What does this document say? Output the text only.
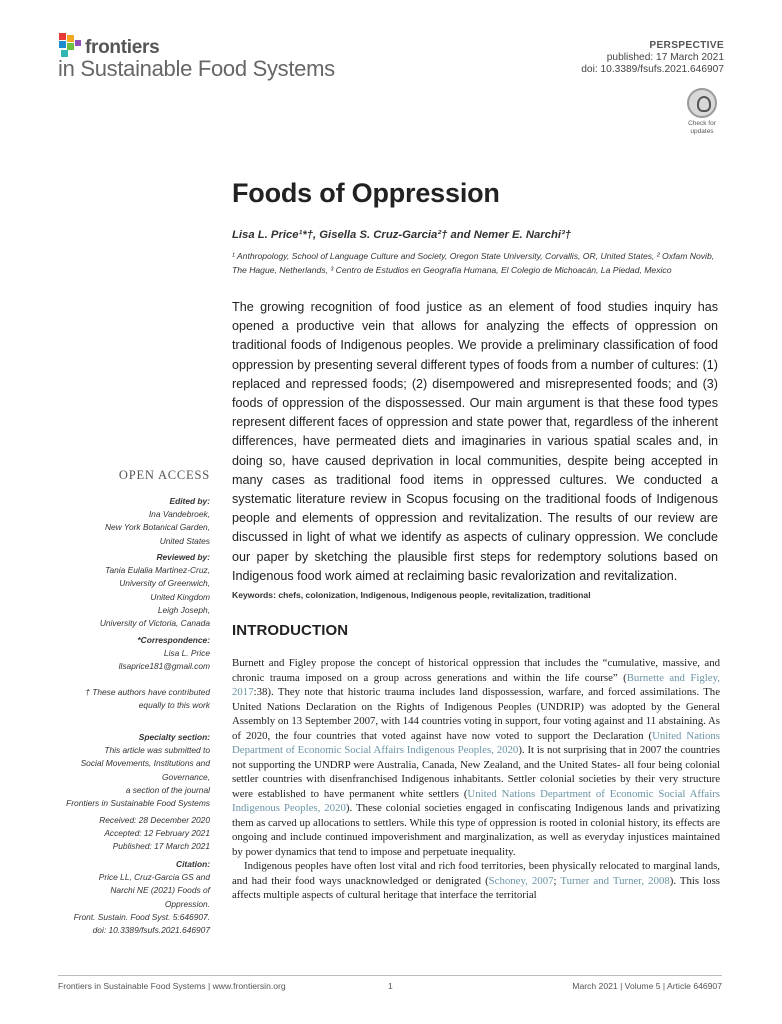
frontiers
in Sustainable Food Systems
PERSPECTIVE
published: 17 March 2021
doi: 10.3389/fsufs.2021.646907
Check for
updates
Foods of Oppression
Lisa L. Price¹*†, Gisella S. Cruz-Garcia²† and Nemer E. Narchi³†
¹ Anthropology, School of Language Culture and Society, Oregon State University, Corvallis, OR, United States, ² Oxfam Novib, The Hague, Netherlands, ³ Centro de Estudios en Geografía Humana, El Colegio de Michoacán, La Piedad, Mexico

The growing recognition of food justice as an element of food studies inquiry has opened a productive vein that allows for analyzing the effects of oppression on traditional foods of Indigenous peoples. We provide a preliminary classification of food oppression by presenting several different types of foods from a number of cultures: (1) replaced and repressed foods; (2) disempowered and misrepresented foods; and (3) foods of oppression of the dispossessed. Our main argument is that these food types represent different faces of oppression and state power that, regardless of the inherent differences, have permeated diets and imaginaries in various spatial scales and, in doing so, have caused deprivation in local communities, despite being accepted in many cases as traditional food items in oppressed cultures. We conducted a systematic literature review in Scopus focusing on the traditional foods of Indigenous people and elements of oppression and revitalization. The results of our review are discussed in light of what we identify as aspects of culinary oppression. We conclude our paper by sketching the plausible first steps for redemptory solutions based on Indigenous food work aimed at reclaiming basic revalorization and revitalization.

Keywords: chefs, colonization, Indigenous, Indigenous people, revitalization, traditional
INTRODUCTION

Burnett and Figley propose the concept of historical oppression that includes the “cumulative, massive, and chronic trauma imposed on a group across generations and within the life course” (Burnette and Figley, 2017:38). They note that historic trauma includes land dispossession, warfare, and forced assimilations. The United Nations Declaration on the Rights of Indigenous Peoples (UNDRIP) was adopted by the General Assembly on 13 September 2007, with 144 countries voting in support, four voting against and 11 abstaining. As of 2020, the four countries that voted against have now voted to support the Declaration (United Nations Department of Economic Social Affairs Indigenous Peoples, 2020). It is not surprising that in 2007 the countries not supporting the UNDRP were Australia, Canada, New Zealand, and the United States- all four being colonial settler countries with disenfranchised Indigenous inhabitants. Settler colonial societies by their very structure were established to have permanent white settlers (United Nations Department of Economic Social Affairs Indigenous Peoples, 2020). These colonial societies engaged in confiscating Indigenous lands and privatizing them as carved up allocations to settlers. While this type of oppression is rooted in colonial history, its effects are ongoing and include continued impoverishment and marginalization, as well as everyday injustices maintained by power dynamics that tend to impose and perpetuate inequality.

Indigenous peoples have often lost vital and rich food territories, been physically relocated to marginal lands, and had their food ways unacknowledged or denigrated (Schoney, 2007; Turner and Turner, 2008). This loss affects multiple aspects of cultural heritage that interface the territorial

OPEN ACCESS
Edited by:
Ina Vandebroek,
New York Botanical Garden,
United States
Reviewed by:
Tania Eulalia Martinez-Cruz,
University of Greenwich,
United Kingdom
Leigh Joseph,
University of Victoria, Canada
*Correspondence:
Lisa L. Price
llsaprice181@gmail.com
† These authors have contributed
equally to this work
Specialty section:
This article was submitted to
Social Movements, Institutions and
Governance,
a section of the journal
Frontiers in Sustainable Food Systems
Received: 28 December 2020
Accepted: 12 February 2021
Published: 17 March 2021
Citation:
Price LL, Cruz-Garcia GS and
Narchi NE (2021) Foods of
Oppression.
Front. Sustain. Food Syst. 5:646907.
doi: 10.3389/fsufs.2021.646907
Frontiers in Sustainable Food Systems | www.frontiersin.org	1	March 2021 | Volume 5 | Article 646907
